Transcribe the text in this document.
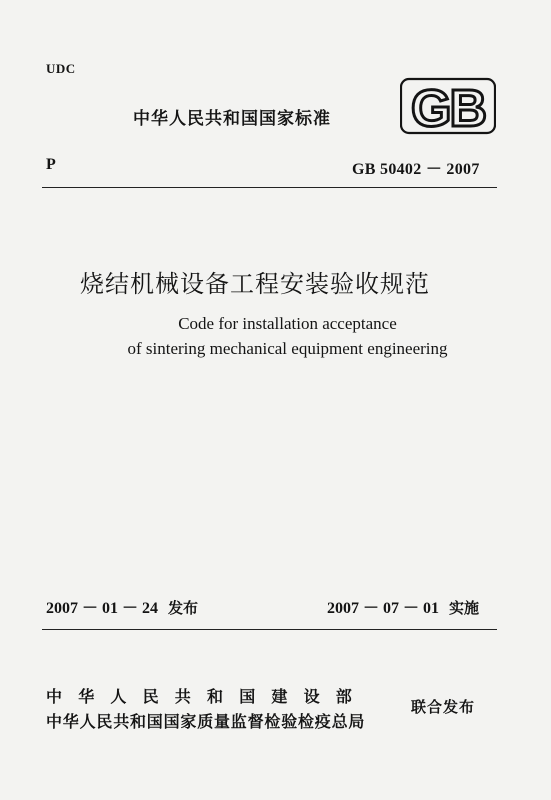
UDC
中华人民共和国国家标准 GB
P	GB 50402 － 2007
烧结机械设备工程安装验收规范
Code for installation acceptance
of sintering mechanical equipment engineering
2007 － 01 － 24 发布	2007 － 07 － 01 实施
中华人民共和国建设部
中华人民共和国国家质量监督检验检疫总局
联合发布
